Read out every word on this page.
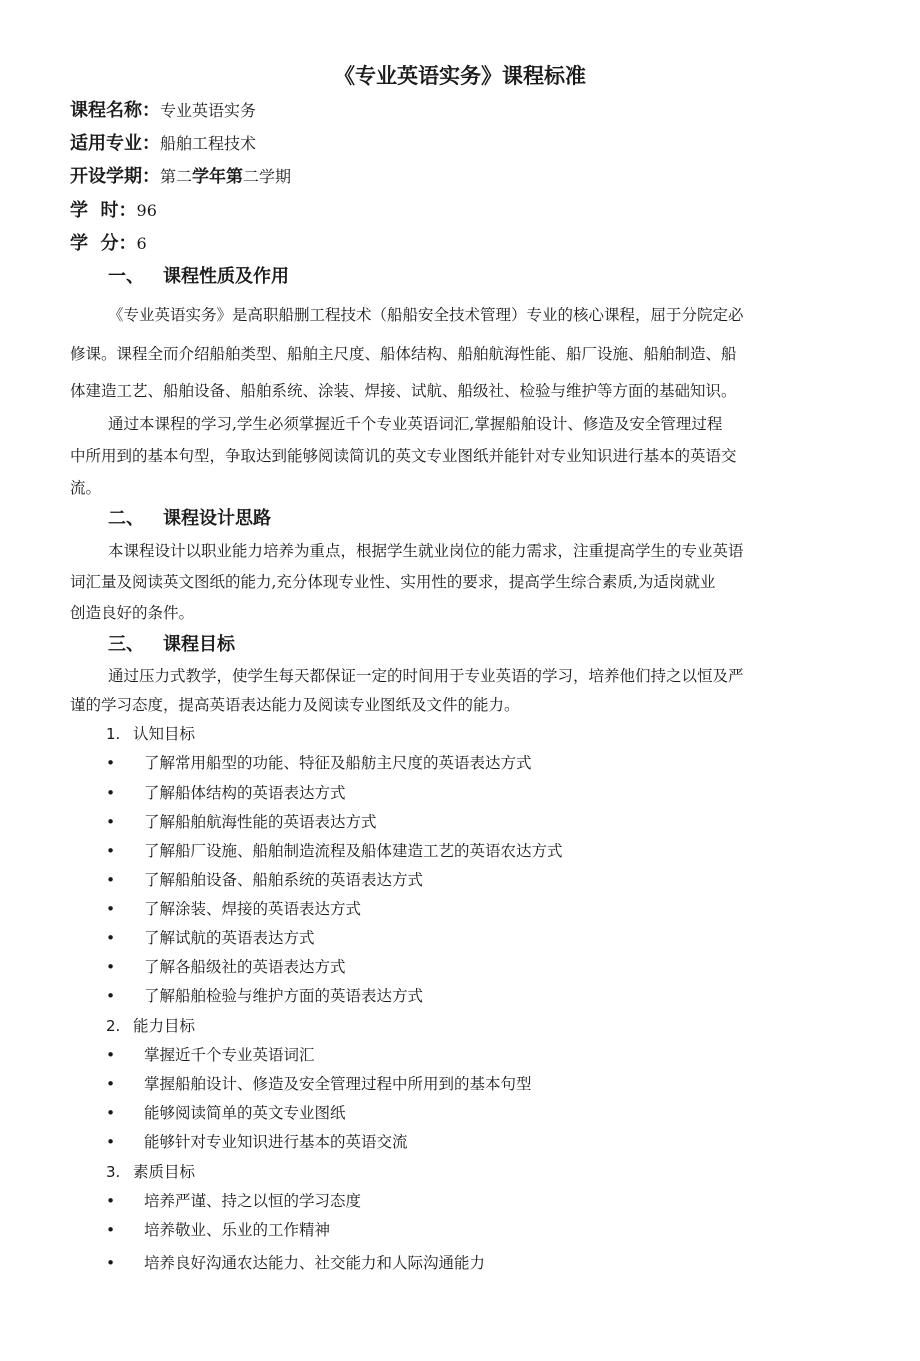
《专业英语实务》课程标准
课程名称：专业英语实务
适用专业：船舶工程技术
开设学期：第二学年第二学期
学  时：96
学  分：6
一、 课程性质及作用
《专业英语实务》是高职船删工程技术（船船安全技术管理）专业的核心课程，屈于分院定必
修课。课程全而介绍船舶类型、船舶主尺度、船体结构、船舶航海性能、船厂设施、船舶制造、船
体建造工艺、船舶设备、船舶系统、涂装、焊接、试航、船级社、检验与维护等方面的基础知识。
通过本课程的学习,学生必须掌握近千个专业英语词汇,掌握船舶设计、修造及安全管理过程
中所用到的基本句型，争取达到能够阅读简讥的英文专业图纸并能针对专业知识进行基本的英语交
流。
二、 课程设计思路
本课程设计以职业能力培养为重点，根据学生就业岗位的能力需求，注重提高学生的专业英语
词汇量及阅读英文图纸的能力,充分体现专业性、实用性的要求，提高学生综合素质,为适岗就业
创造良好的条件。
三、 课程目标
通过压力式教学，使学生每天都保证一定的时间用于专业英语的学习，培养他们持之以恒及严
谨的学习态度，提高英语表达能力及阅读专业图纸及文件的能力。
1. 认知目标
• 了解常用船型的功能、特征及船舫主尺度的英语表达方式
• 了解船体结构的英语表达方式
• 了解船舶航海性能的英语表达方式
• 了解船厂设施、船舶制造流程及船体建造工艺的英语农达方式
• 了解船舶设备、船舶系统的英语表达方式
• 了解涂装、焊接的英语表达方式
• 了解试航的英语表达方式
• 了解各船级社的英语表达方式
• 了解船舶检验与维护方面的英语表达方式
2. 能力目标
• 掌握近千个专业英语词汇
• 掌握船舶设计、修造及安全管理过程中所用到的基本句型
• 能够阅读简单的英文专业图纸
• 能够针对专业知识进行基本的英语交流
3. 素质目标
• 培养严谨、持之以恒的学习态度
• 培养敬业、乐业的工作精神
• 培养良好沟通农达能力、社交能力和人际沟通能力
